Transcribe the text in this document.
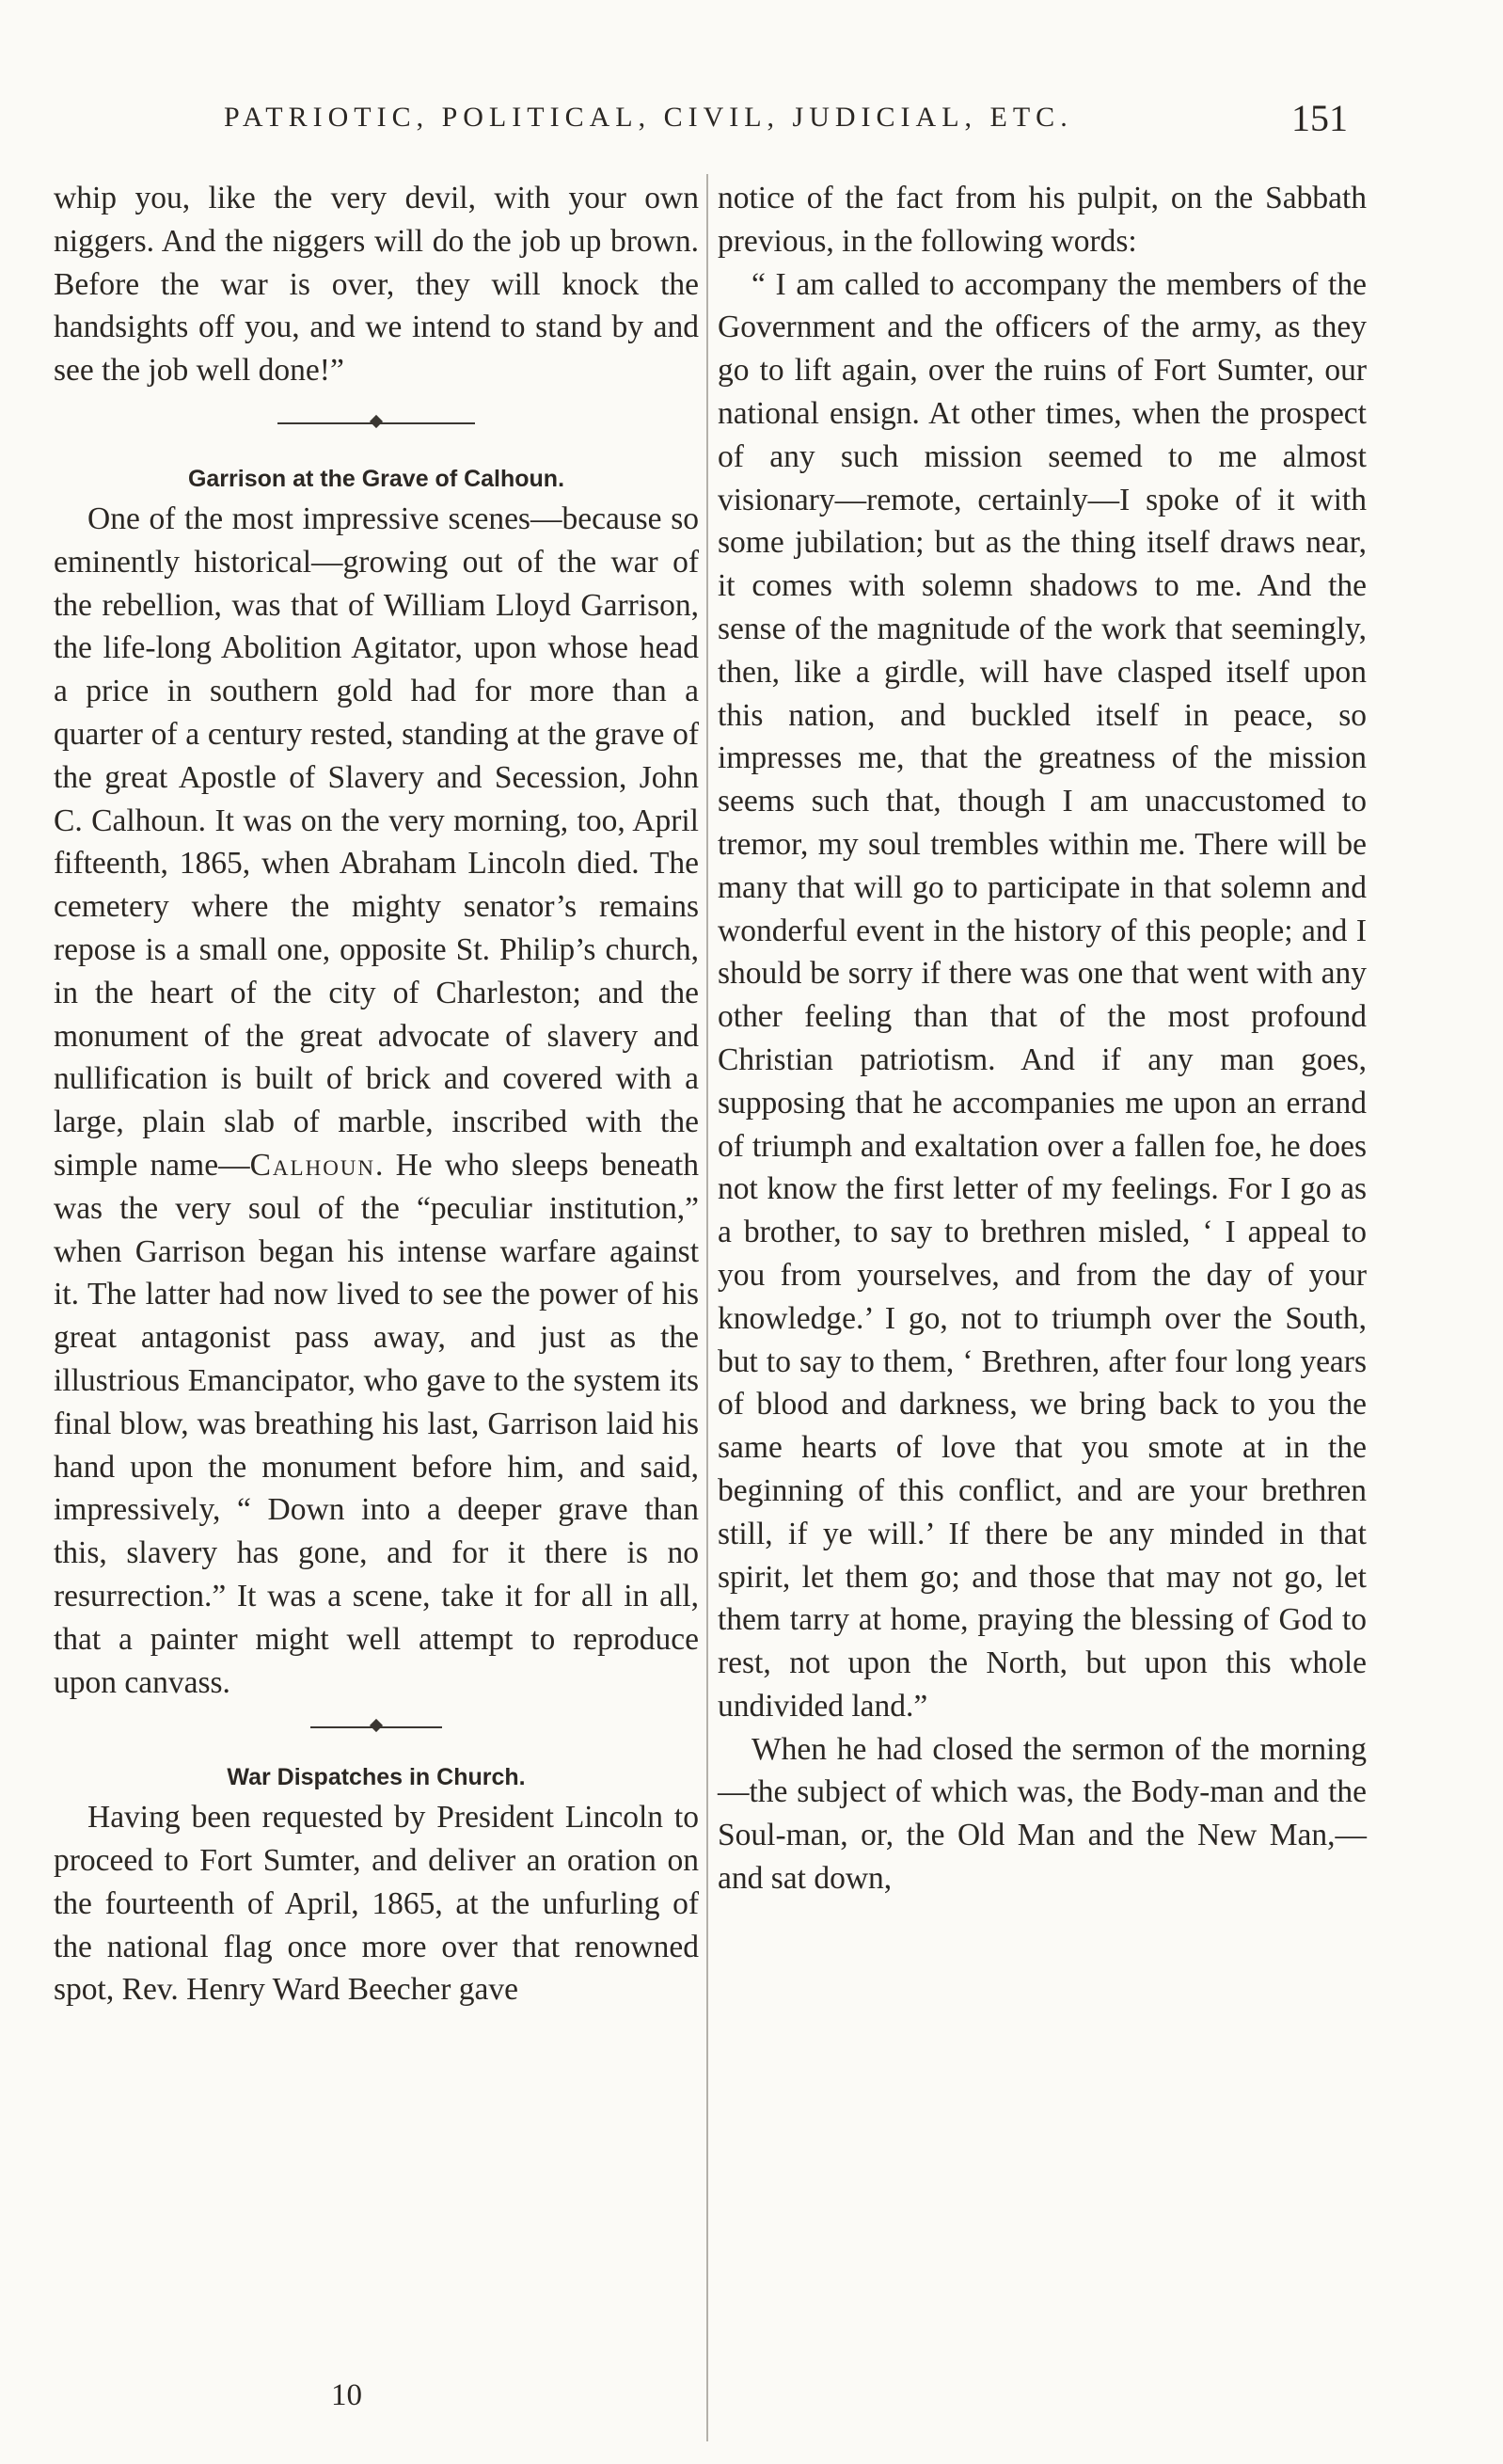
PATRIOTIC, POLITICAL, CIVIL, JUDICIAL, ETC.	151

whip you, like the very devil, with your own niggers. And the niggers will do the job up brown. Before the war is over, they will knock the handsights off you, and we intend to stand by and see the job well done!”

Garrison at the Grave of Calhoun.

One of the most impressive scenes—because so eminently historical—growing out of the war of the rebellion, was that of William Lloyd Garrison, the life-long Abolition Agitator, upon whose head a price in southern gold had for more than a quarter of a century rested, standing at the grave of the great Apostle of Slavery and Secession, John C. Calhoun. It was on the very morning, too, April fifteenth, 1865, when Abraham Lincoln died. The cemetery where the mighty senator’s remains repose is a small one, opposite St. Philip’s church, in the heart of the city of Charleston; and the monument of the great advocate of slavery and nullification is built of brick and covered with a large, plain slab of marble, inscribed with the simple name—Calhoun. He who sleeps beneath was the very soul of the “peculiar institution,” when Garrison began his intense warfare against it. The latter had now lived to see the power of his great antagonist pass away, and just as the illustrious Emancipator, who gave to the system its final blow, was breathing his last, Garrison laid his hand upon the monument before him, and said, impressively, “ Down into a deeper grave than this, slavery has gone, and for it there is no resurrection.” It was a scene, take it for all in all, that a painter might well attempt to reproduce upon canvass.

War Dispatches in Church.

Having been requested by President Lincoln to proceed to Fort Sumter, and deliver an oration on the fourteenth of April, 1865, at the unfurling of the national flag once more over that renowned spot, Rev. Henry Ward Beecher gave

notice of the fact from his pulpit, on the Sabbath previous, in the following words:

“ I am called to accompany the members of the Government and the officers of the army, as they go to lift again, over the ruins of Fort Sumter, our national ensign. At other times, when the prospect of any such mission seemed to me almost visionary—remote, certainly—I spoke of it with some jubilation; but as the thing itself draws near, it comes with solemn shadows to me. And the sense of the magnitude of the work that seemingly, then, like a girdle, will have clasped itself upon this nation, and buckled itself in peace, so impresses me, that the greatness of the mission seems such that, though I am unaccustomed to tremor, my soul trembles within me. There will be many that will go to participate in that solemn and wonderful event in the history of this people; and I should be sorry if there was one that went with any other feeling than that of the most profound Christian patriotism. And if any man goes, supposing that he accompanies me upon an errand of triumph and exaltation over a fallen foe, he does not know the first letter of my feelings. For I go as a brother, to say to brethren misled, ‘ I appeal to you from yourselves, and from the day of your knowledge.’ I go, not to triumph over the South, but to say to them, ‘ Brethren, after four long years of blood and darkness, we bring back to you the same hearts of love that you smote at in the beginning of this conflict, and are your brethren still, if ye will.’ If there be any minded in that spirit, let them go; and those that may not go, let them tarry at home, praying the blessing of God to rest, not upon the North, but upon this whole undivided land.”

When he had closed the sermon of the morning—the subject of which was, the Body-man and the Soul-man, or, the Old Man and the New Man,—and sat down,

10
